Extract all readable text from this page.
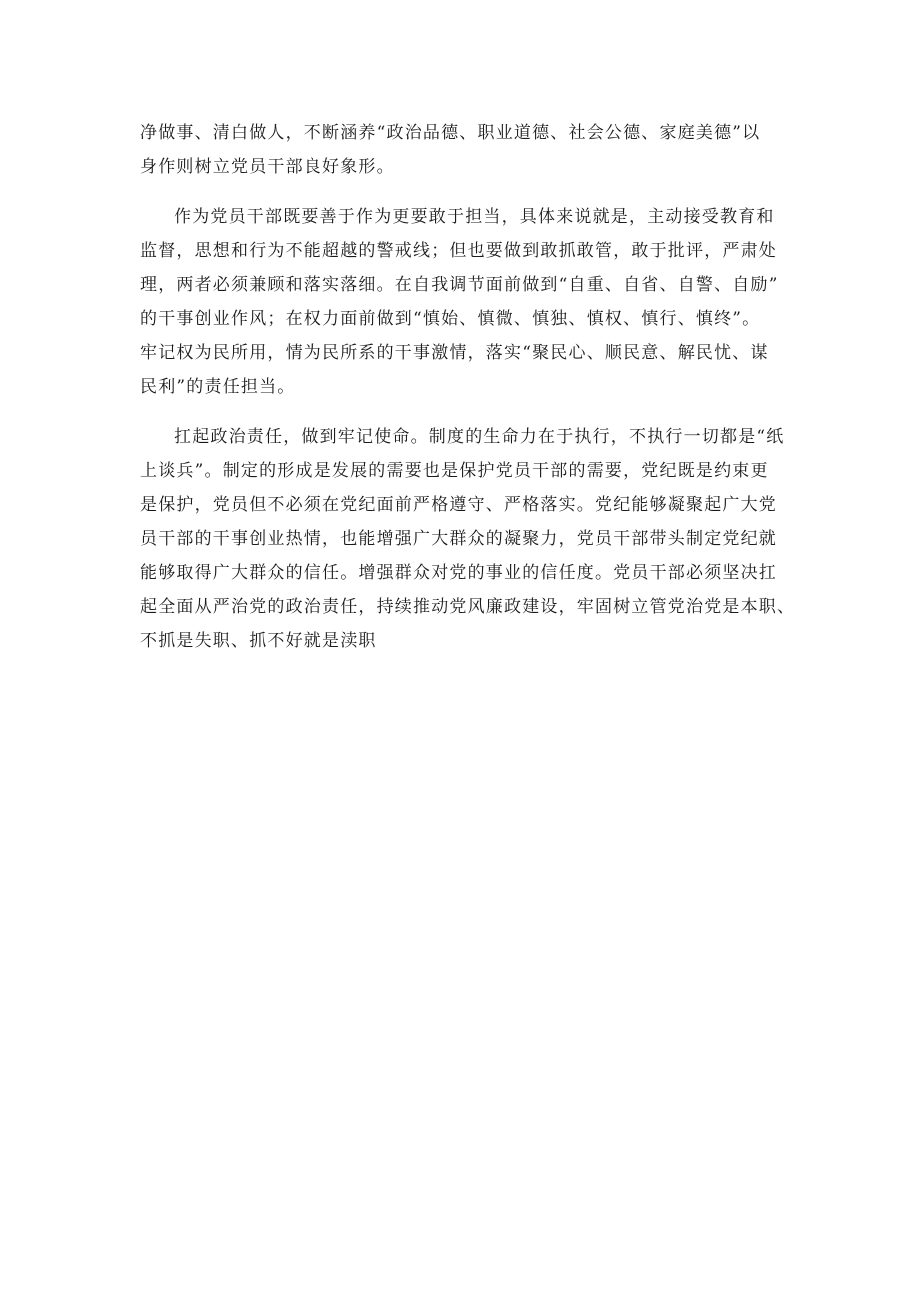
净做事、清白做人，不断涵养“政治品德、职业道德、社会公德、家庭美德”以
身作则树立党员干部良好象形。

作为党员干部既要善于作为更要敢于担当，具体来说就是，主动接受教育和
监督，思想和行为不能超越的警戒线；但也要做到敢抓敢管，敢于批评，严肃处
理，两者必须兼顾和落实落细。在自我调节面前做到“自重、自省、自警、自励”
的干事创业作风；在权力面前做到“慎始、慎微、慎独、慎权、慎行、慎终”。
牢记权为民所用，情为民所系的干事激情，落实“聚民心、顺民意、解民忧、谋
民利”的责任担当。

扛起政治责任，做到牢记使命。制度的生命力在于执行，不执行一切都是“纸
上谈兵”。制定的形成是发展的需要也是保护党员干部的需要，党纪既是约束更
是保护，党员但不必须在党纪面前严格遵守、严格落实。党纪能够凝聚起广大党
员干部的干事创业热情，也能增强广大群众的凝聚力，党员干部带头制定党纪就
能够取得广大群众的信任。增强群众对党的事业的信任度。党员干部必须坚决扛
起全面从严治党的政治责任，持续推动党风廉政建设，牢固树立管党治党是本职、
不抓是失职、抓不好就是渎职
